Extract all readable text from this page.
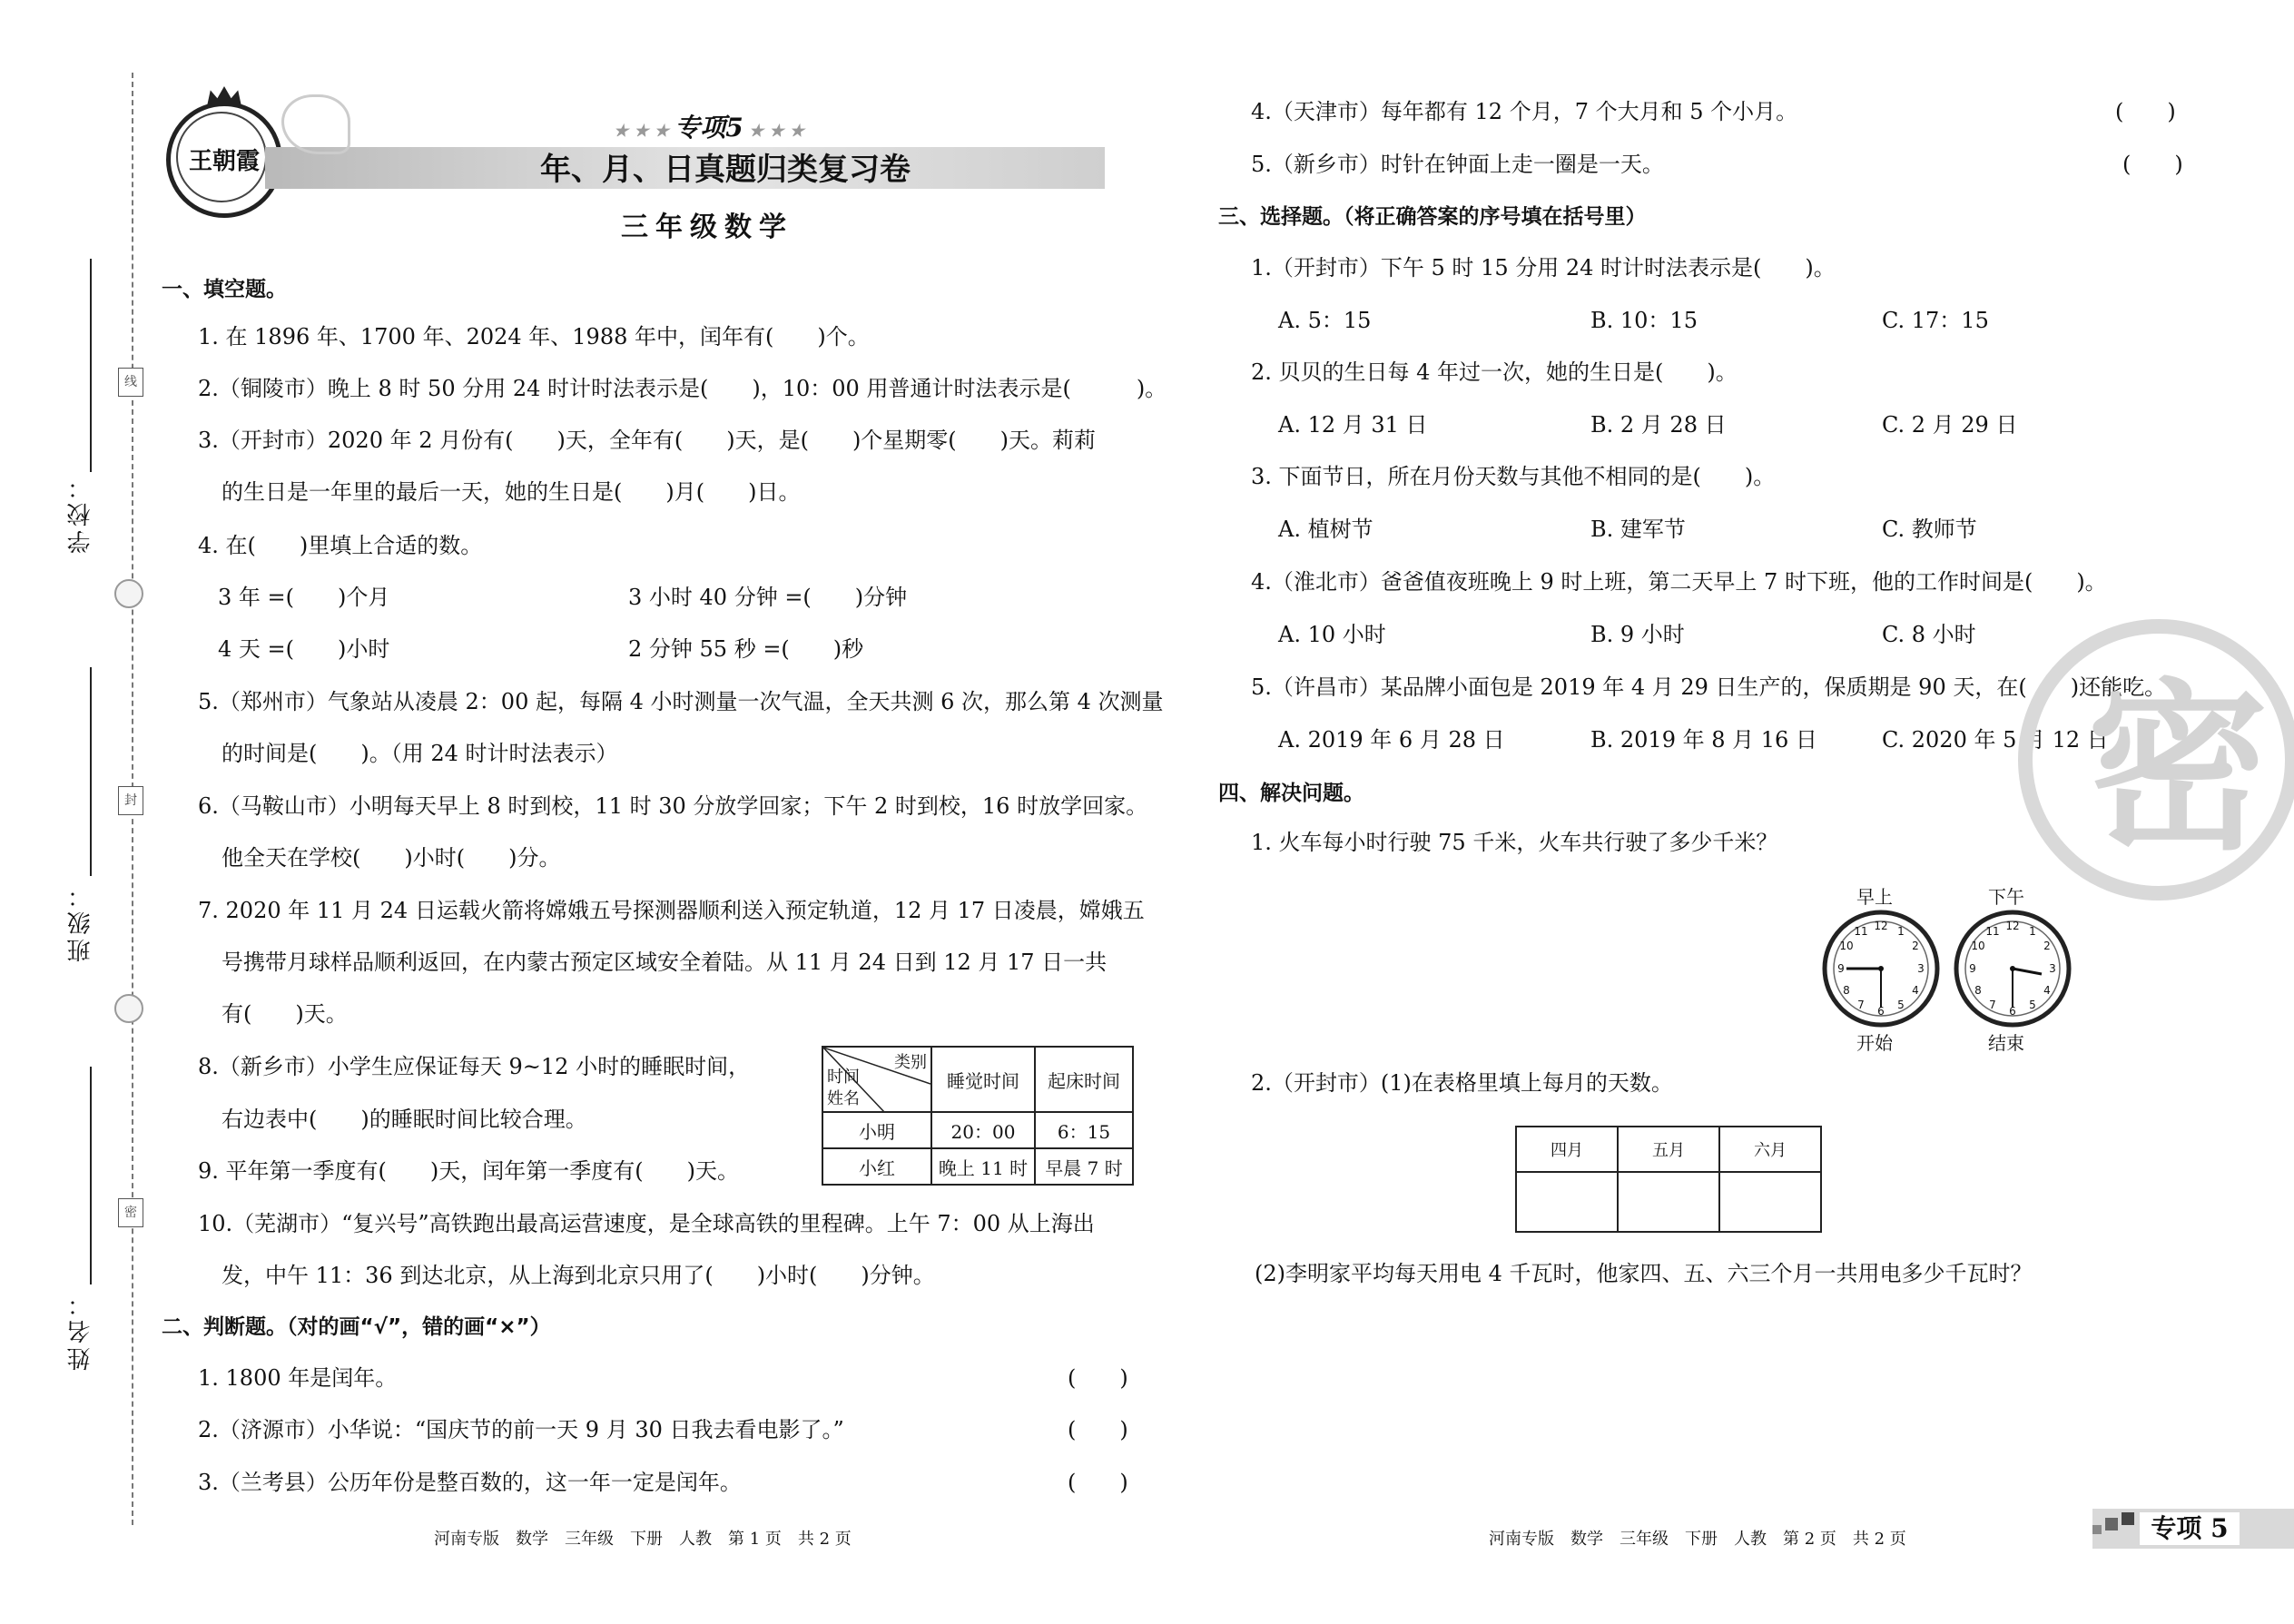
学校：
班级：
姓名：
线
封
密
王朝霞
★ ★ ★ 专项5 ★ ★ ★
年、月、日真题归类复习卷
三年级数学
一、填空题。
1. 在 1896 年、1700 年、2024 年、1988 年中，闰年有(　　)个。
2.（铜陵市）晚上 8 时 50 分用 24 时计时法表示是(　　)，10：00 用普通计时法表示是(　　　)。
3.（开封市）2020 年 2 月份有(　　)天，全年有(　　)天，是(　　)个星期零(　　)天。莉莉
的生日是一年里的最后一天，她的生日是(　　)月(　　)日。
4. 在(　　)里填上合适的数。
3 年 =(　　)个月	3 小时 40 分钟 =(　　)分钟
4 天 =(　　)小时	2 分钟 55 秒 =(　　)秒
5.（郑州市）气象站从凌晨 2：00 起，每隔 4 小时测量一次气温，全天共测 6 次，那么第 4 次测量
的时间是(　　)。（用 24 时计时法表示）
6.（马鞍山市）小明每天早上 8 时到校，11 时 30 分放学回家；下午 2 时到校，16 时放学回家。
他全天在学校(　　)小时(　　)分。
7. 2020 年 11 月 24 日运载火箭将嫦娥五号探测器顺利送入预定轨道，12 月 17 日凌晨，嫦娥五
号携带月球样品顺利返回，在内蒙古预定区域安全着陆。从 11 月 24 日到 12 月 17 日一共
有(　　)天。
8.（新乡市）小学生应保证每天 9~12 小时的睡眠时间，
右边表中(　　)的睡眠时间比较合理。
类别
时间
姓名	睡觉时间	起床时间
小明	20：00	6：15
小红	晚上 11 时	早晨 7 时
9. 平年第一季度有(　　)天，闰年第一季度有(　　)天。
10.（芜湖市）“复兴号”高铁跑出最高运营速度，是全球高铁的里程碑。上午 7：00 从上海出
发，中午 11：36 到达北京，从上海到北京只用了(　　)小时(　　)分钟。
二、判断题。（对的画“√”，错的画“×”）
1. 1800 年是闰年。	(　　)
2.（济源市）小华说：“国庆节的前一天 9 月 30 日我去看电影了。”	(　　)
3.（兰考县）公历年份是整百数的，这一年一定是闰年。	(　　)
河南专版　数学　三年级　下册　人教　第 1 页　共 2 页
4.（天津市）每年都有 12 个月，7 个大月和 5 个小月。	(　　)
5.（新乡市）时针在钟面上走一圈是一天。	(　　)
三、选择题。（将正确答案的序号填在括号里）
1.（开封市）下午 5 时 15 分用 24 时计时法表示是(　　)。
A. 5：15	B. 10：15	C. 17：15
2. 贝贝的生日每 4 年过一次，她的生日是(　　)。
A. 12 月 31 日	B. 2 月 28 日	C. 2 月 29 日
3. 下面节日，所在月份天数与其他不相同的是(　　)。
A. 植树节	B. 建军节	C. 教师节
4.（淮北市）爸爸值夜班晚上 9 时上班，第二天早上 7 时下班，他的工作时间是(　　)。
A. 10 小时	B. 9 小时	C. 8 小时
5.（许昌市）某品牌小面包是 2019 年 4 月 29 日生产的，保质期是 90 天，在(　　)还能吃。
A. 2019 年 6 月 28 日	B. 2019 年 8 月 16 日	C. 2020 年 5 月 12 日
四、解决问题。
1. 火车每小时行驶 75 千米，火车共行驶了多少千米？
早上
开始
下午
结束
12 1
2
3
4
5
6
7
8
9
10
11	12 1
2
3
4
5
6
7
8
9
10
11
2.（开封市）(1)在表格里填上每月的天数。
四月	五月	六月

(2)李明家平均每天用电 4 千瓦时，他家四、五、六三个月一共用电多少千瓦时？
密
河南专版　数学　三年级　下册　人教　第 2 页　共 2 页	专项 5
